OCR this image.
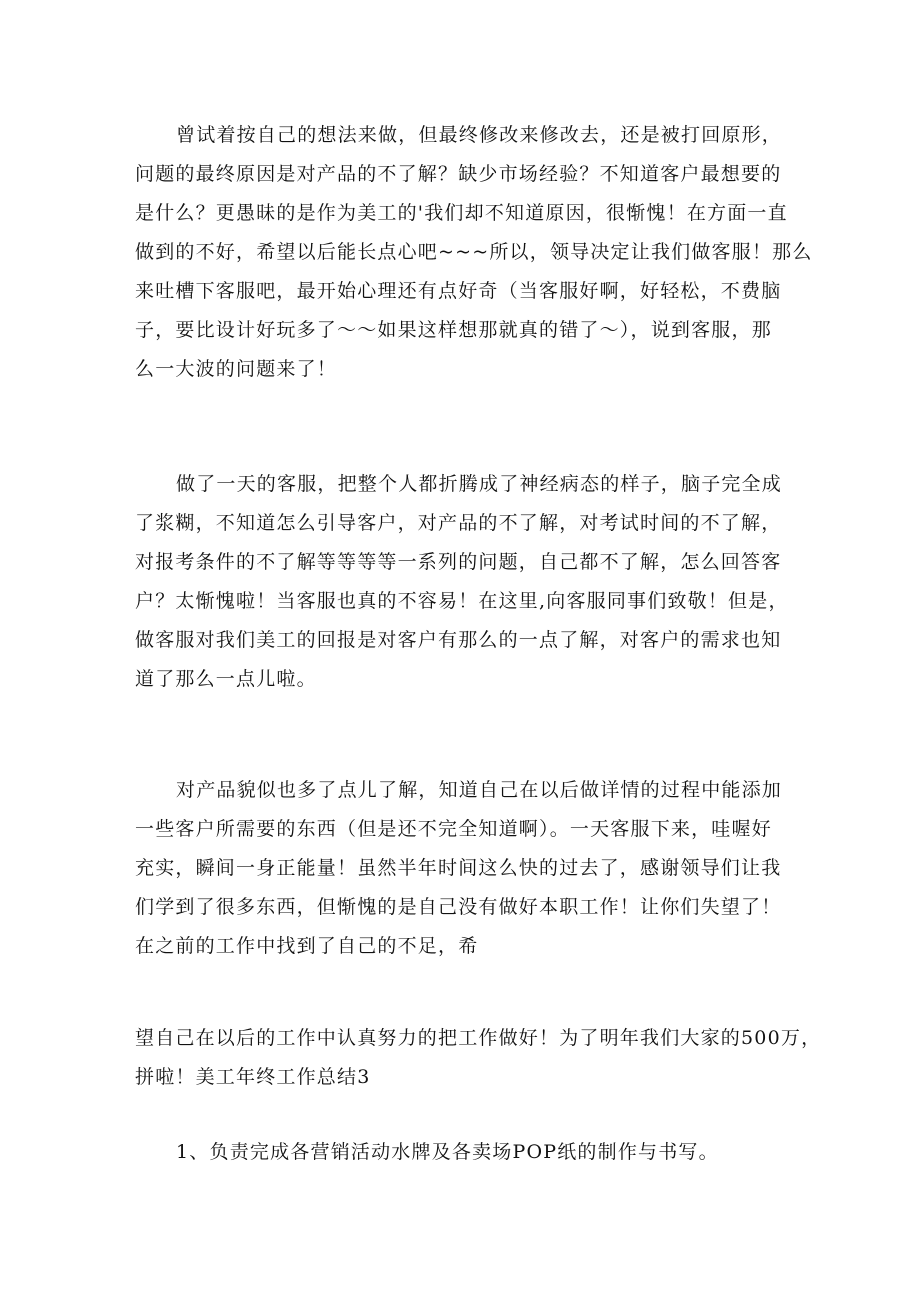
曾试着按自己的想法来做，但最终修改来修改去，还是被打回原形，
问题的最终原因是对产品的不了解？缺少市场经验？不知道客户最想要的
是什么？更愚昧的是作为美工的'我们却不知道原因，很惭愧！在方面一直
做到的不好，希望以后能长点心吧~~~所以，领导决定让我们做客服！那么
来吐槽下客服吧，最开始心理还有点好奇（当客服好啊，好轻松，不费脑
子，要比设计好玩多了～～如果这样想那就真的错了～），说到客服，那
么一大波的问题来了！

做了一天的客服，把整个人都折腾成了神经病态的样子，脑子完全成
了浆糊，不知道怎么引导客户，对产品的不了解，对考试时间的不了解，
对报考条件的不了解等等等等一系列的问题，自己都不了解，怎么回答客
户？太惭愧啦！当客服也真的不容易！在这里,向客服同事们致敬！但是，
做客服对我们美工的回报是对客户有那么的一点了解，对客户的需求也知
道了那么一点儿啦。

对产品貌似也多了点儿了解，知道自己在以后做详情的过程中能添加
一些客户所需要的东西（但是还不完全知道啊）。一天客服下来，哇喔好
充实，瞬间一身正能量！虽然半年时间这么快的过去了，感谢领导们让我
们学到了很多东西，但惭愧的是自己没有做好本职工作！让你们失望了！
在之前的工作中找到了自己的不足，希

望自己在以后的工作中认真努力的把工作做好！为了明年我们大家的500万，
拼啦！美工年终工作总结3

1、负责完成各营销活动水牌及各卖场POP纸的制作与书写。
